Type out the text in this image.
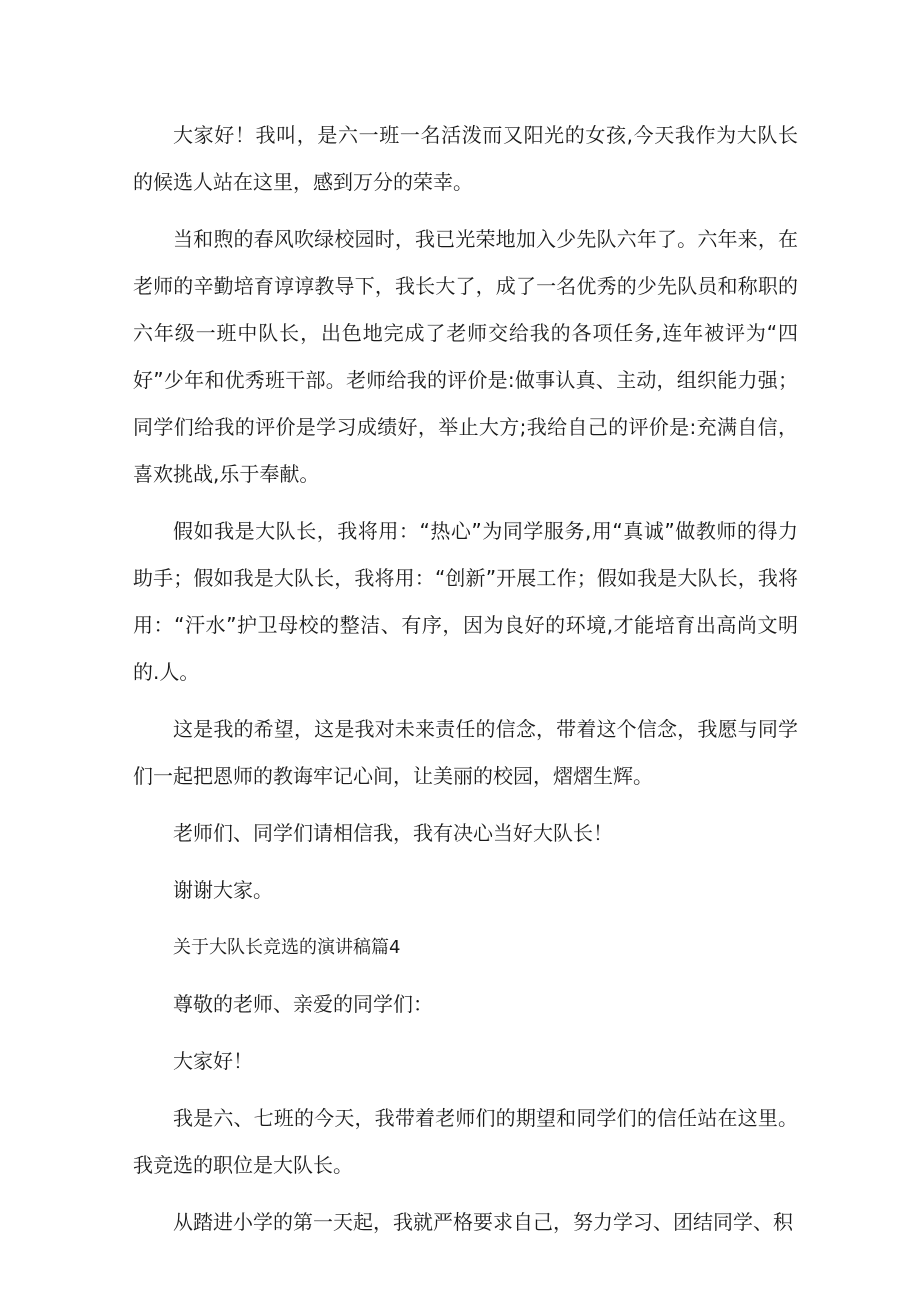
大家好！我叫，是六一班一名活泼而又阳光的女孩,今天我作为大队长的候选人站在这里，感到万分的荣幸。

当和煦的春风吹绿校园时，我已光荣地加入少先队六年了。六年来，在老师的辛勤培育谆谆教导下，我长大了，成了一名优秀的少先队员和称职的六年级一班中队长，出色地完成了老师交给我的各项任务,连年被评为“四好”少年和优秀班干部。老师给我的评价是:做事认真、主动，组织能力强；同学们给我的评价是学习成绩好，举止大方;我给自己的评价是:充满自信，喜欢挑战,乐于奉献。

假如我是大队长，我将用：“热心”为同学服务,用“真诚”做教师的得力助手；假如我是大队长，我将用：“创新”开展工作；假如我是大队长，我将用：“汗水”护卫母校的整洁、有序，因为良好的环境,才能培育出高尚文明的.人。

这是我的希望，这是我对未来责任的信念，带着这个信念，我愿与同学们一起把恩师的教诲牢记心间，让美丽的校园，熠熠生辉。

老师们、同学们请相信我，我有决心当好大队长！

谢谢大家。

关于大队长竞选的演讲稿篇4

尊敬的老师、亲爱的同学们：

大家好！

我是六、七班的今天，我带着老师们的期望和同学们的信任站在这里。我竞选的职位是大队长。

从踏进小学的第一天起，我就严格要求自己，努力学习、团结同学、积
